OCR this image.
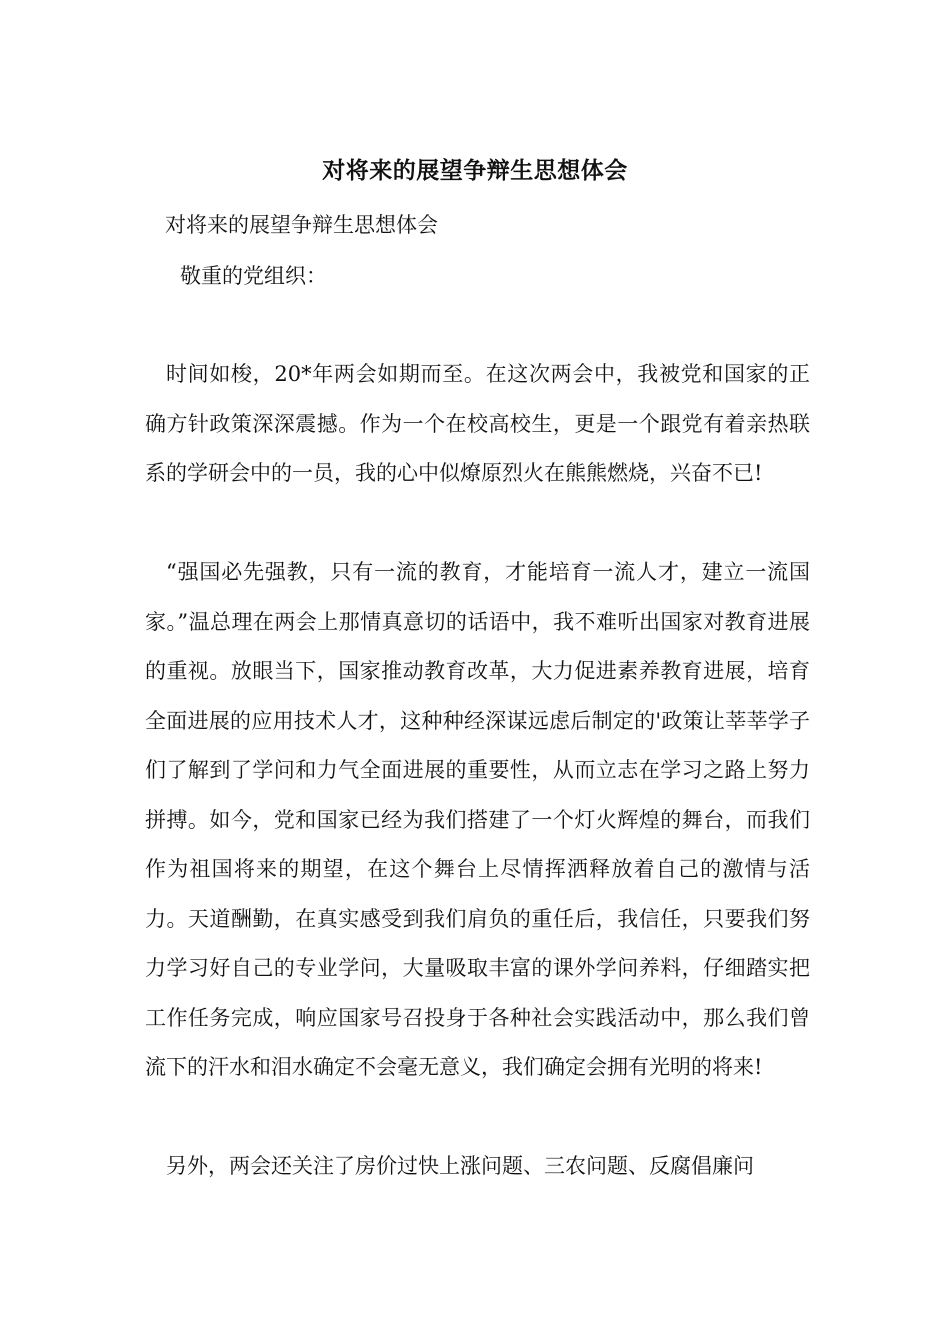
对将来的展望争辩生思想体会
对将来的展望争辩生思想体会
敬重的党组织：
时间如梭，20*年两会如期而至。在这次两会中，我被党和国家的正确方针政策深深震撼。作为一个在校高校生，更是一个跟党有着亲热联系的学研会中的一员，我的心中似燎原烈火在熊熊燃烧，兴奋不已!
“强国必先强教，只有一流的教育，才能培育一流人才，建立一流国家。”温总理在两会上那情真意切的话语中，我不难听出国家对教育进展的重视。放眼当下，国家推动教育改革，大力促进素养教育进展，培育全面进展的应用技术人才，这种种经深谋远虑后制定的'政策让莘莘学子们了解到了学问和力气全面进展的重要性，从而立志在学习之路上努力拼搏。如今，党和国家已经为我们搭建了一个灯火辉煌的舞台，而我们作为祖国将来的期望，在这个舞台上尽情挥洒释放着自己的激情与活力。天道酬勤，在真实感受到我们肩负的重任后，我信任，只要我们努力学习好自己的专业学问，大量吸取丰富的课外学问养料，仔细踏实把工作任务完成，响应国家号召投身于各种社会实践活动中，那么我们曾流下的汗水和泪水确定不会毫无意义，我们确定会拥有光明的将来!
另外，两会还关注了房价过快上涨问题、三农问题、反腐倡廉问
